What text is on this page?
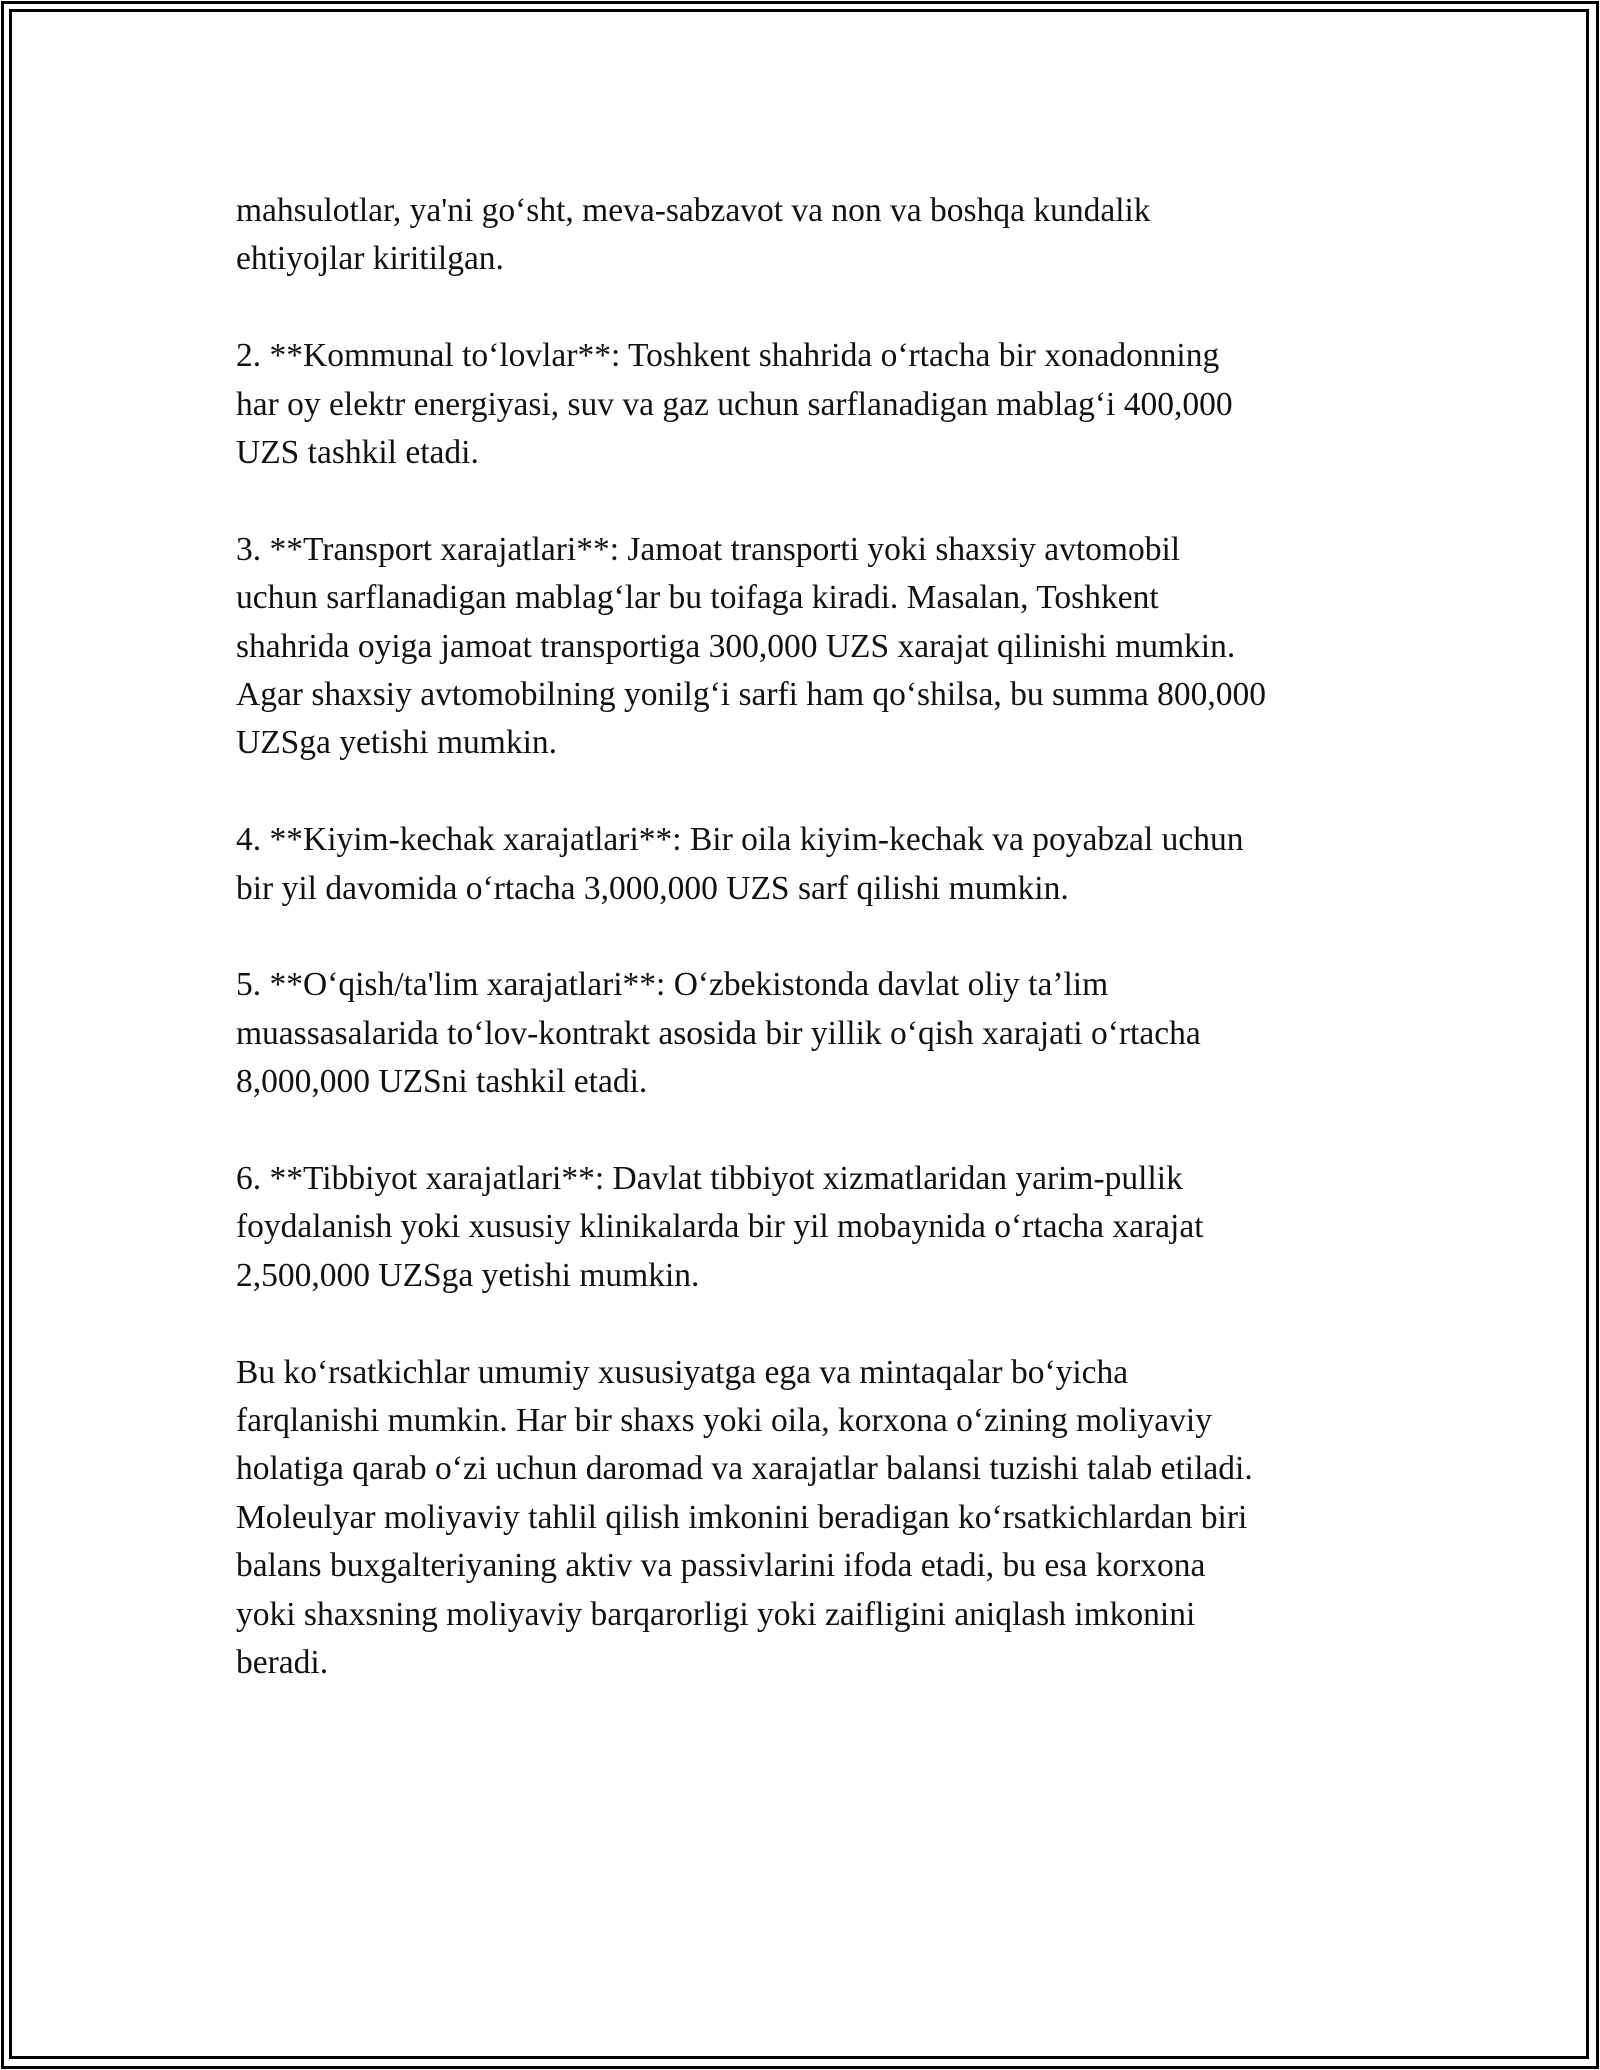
mahsulotlar, ya'ni go‘sht, meva-sabzavot va non va boshqa kundalik
ehtiyojlar kiritilgan.

2. **Kommunal to‘lovlar**: Toshkent shahrida o‘rtacha bir xonadonning
har oy elektr energiyasi, suv va gaz uchun sarflanadigan mablag‘i 400,000
UZS tashkil etadi.

3. **Transport xarajatlari**: Jamoat transporti yoki shaxsiy avtomobil
uchun sarflanadigan mablag‘lar bu toifaga kiradi. Masalan, Toshkent
shahrida oyiga jamoat transportiga 300,000 UZS xarajat qilinishi mumkin.
Agar shaxsiy avtomobilning yonilg‘i sarfi ham qo‘shilsa, bu summa 800,000
UZSga yetishi mumkin.

4. **Kiyim-kechak xarajatlari**: Bir oila kiyim-kechak va poyabzal uchun
bir yil davomida o‘rtacha 3,000,000 UZS sarf qilishi mumkin.

5. **O‘qish/ta'lim xarajatlari**: O‘zbekistonda davlat oliy ta’lim
muassasalarida to‘lov-kontrakt asosida bir yillik o‘qish xarajati o‘rtacha
8,000,000 UZSni tashkil etadi.

6. **Tibbiyot xarajatlari**: Davlat tibbiyot xizmatlaridan yarim-pullik
foydalanish yoki xususiy klinikalarda bir yil mobaynida o‘rtacha xarajat
2,500,000 UZSga yetishi mumkin.

Bu ko‘rsatkichlar umumiy xususiyatga ega va mintaqalar bo‘yicha
farqlanishi mumkin. Har bir shaxs yoki oila, korxona o‘zining moliyaviy
holatiga qarab o‘zi uchun daromad va xarajatlar balansi tuzishi talab etiladi.
Moleulyar moliyaviy tahlil qilish imkonini beradigan ko‘rsatkichlardan biri
balans buxgalteriyaning aktiv va passivlarini ifoda etadi, bu esa korxona
yoki shaxsning moliyaviy barqarorligi yoki zaifligini aniqlash imkonini
beradi.
